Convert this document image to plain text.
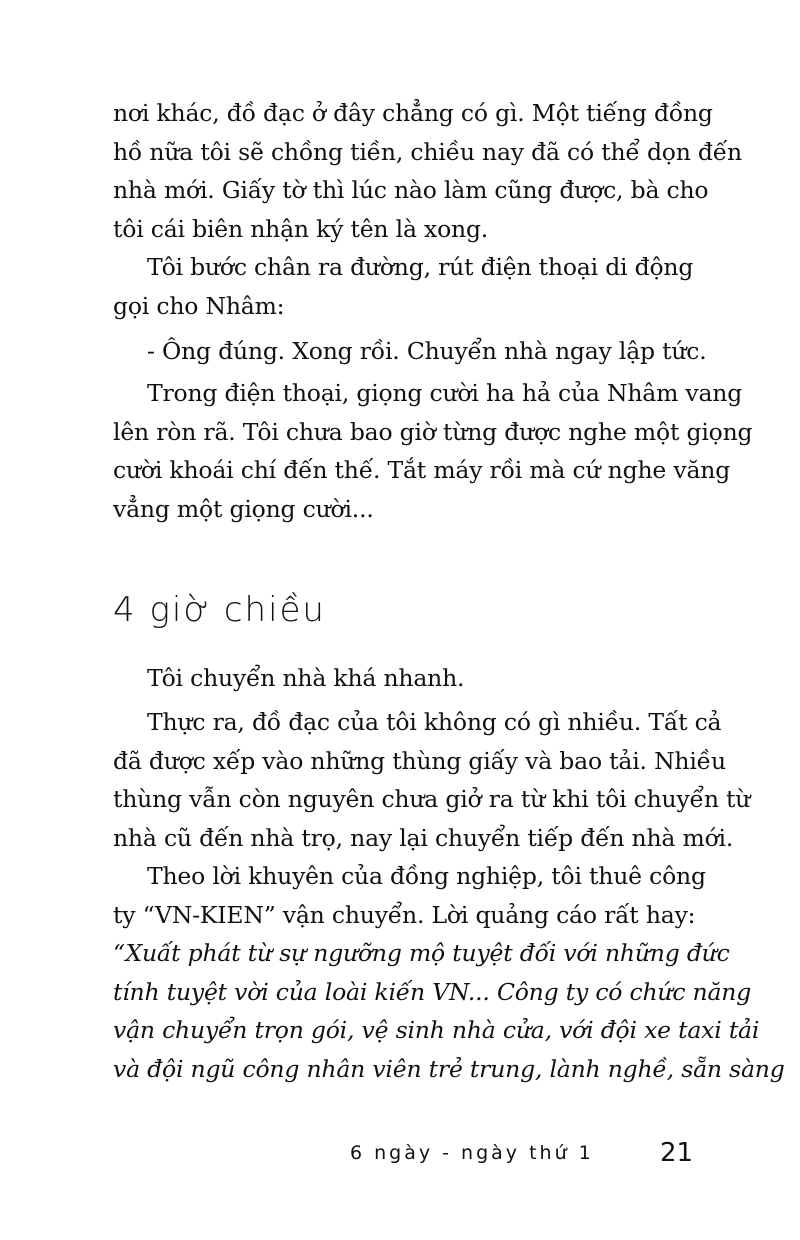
nơi khác, đồ đạc ở đây chẳng có gì. Một tiếng đồng
hồ nữa tôi sẽ chồng tiền, chiều nay đã có thể dọn đến
nhà mới. Giấy tờ thì lúc nào làm cũng được, bà cho
tôi cái biên nhận ký tên là xong.
Tôi bước chân ra đường, rút điện thoại di động
gọi cho Nhâm:
- Ông đúng. Xong rồi. Chuyển nhà ngay lập tức.
Trong điện thoại, giọng cười ha hả của Nhâm vang
lên ròn rã. Tôi chưa bao giờ từng được nghe một giọng
cười khoái chí đến thế. Tắt máy rồi mà cứ nghe văng
vẳng một giọng cười...
4 giờ chiều
Tôi chuyển nhà khá nhanh.
Thực ra, đồ đạc của tôi không có gì nhiều. Tất cả
đã được xếp vào những thùng giấy và bao tải. Nhiều
thùng vẫn còn nguyên chưa giở ra từ khi tôi chuyển từ
nhà cũ đến nhà trọ, nay lại chuyển tiếp đến nhà mới.
Theo lời khuyên của đồng nghiệp, tôi thuê công
ty “VN-KIEN” vận chuyển. Lời quảng cáo rất hay:
“Xuất phát từ sự ngưỡng mộ tuyệt đối với những đức
tính tuyệt vời của loài kiến VN... Công ty có chức năng
vận chuyển trọn gói, vệ sinh nhà cửa, với đội xe taxi tải
và đội ngũ công nhân viên trẻ trung, lành nghề, sẵn sàng
6 ngày - ngày thứ 1	21
